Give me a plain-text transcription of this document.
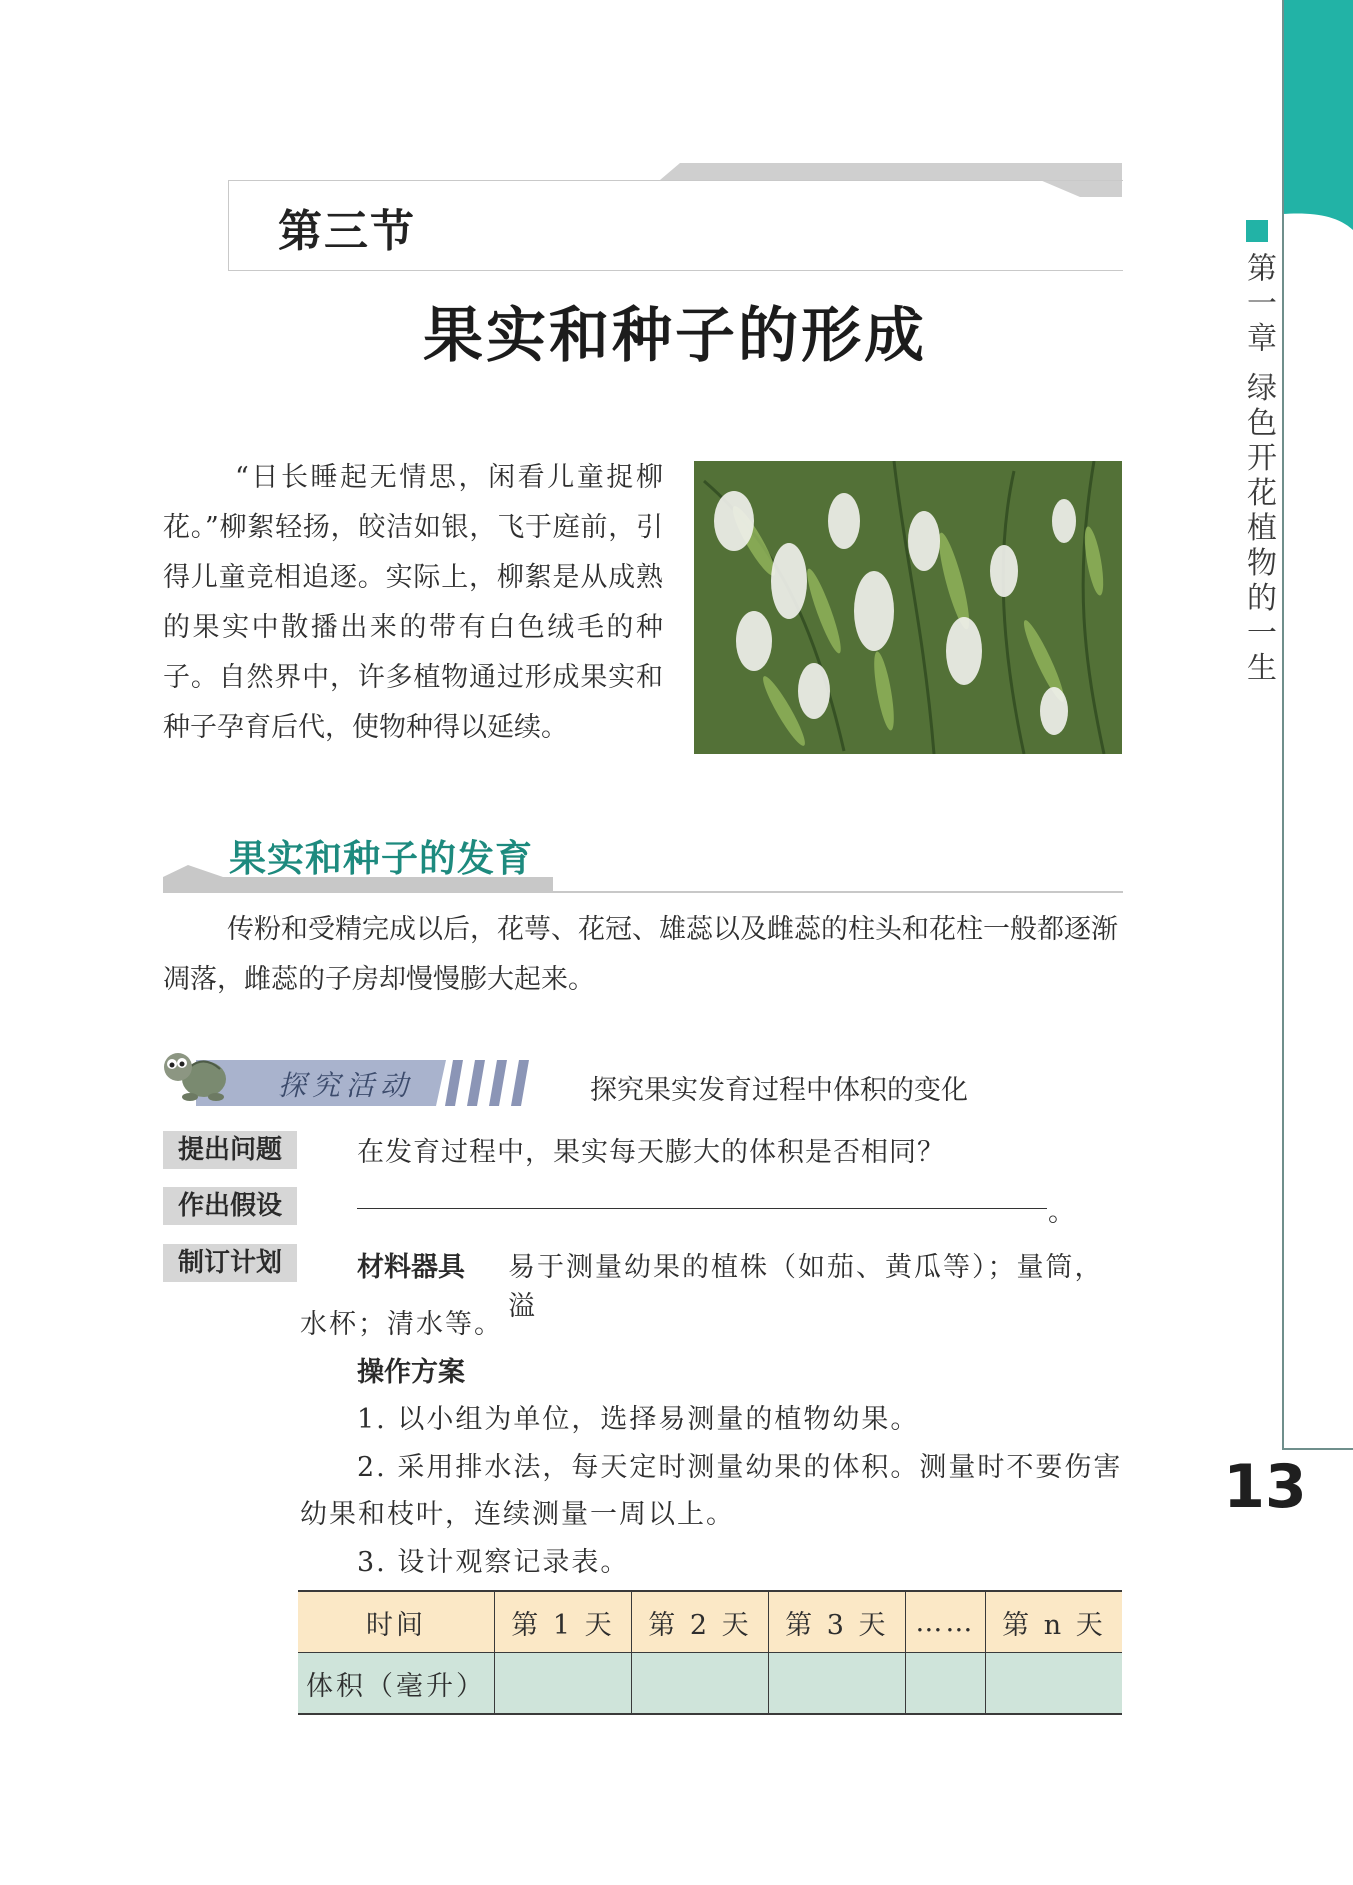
第一章 绿色开花植物的一生
13
第三节
果实和种子的形成
“日长睡起无情思，闲看儿童捉柳花。”柳絮轻扬，皎洁如银，飞于庭前，引得儿童竞相追逐。实际上，柳絮是从成熟的果实中散播出来的带有白色绒毛的种子。自然界中，许多植物通过形成果实和种子孕育后代，使物种得以延续。
果实和种子的发育
传粉和受精完成以后，花萼、花冠、雄蕊以及雌蕊的柱头和花柱一般都逐渐凋落，雌蕊的子房却慢慢膨大起来。
探究活动	探究果实发育过程中体积的变化
提出问题	在发育过程中，果实每天膨大的体积是否相同？
作出假设	。
制订计划	材料器具 易于测量幼果的植株（如茄、黄瓜等）；量筒，溢
水杯；清水等。
操作方案
1. 以小组为单位，选择易测量的植物幼果。
2. 采用排水法，每天定时测量幼果的体积。测量时不要伤害
幼果和枝叶，连续测量一周以上。
3. 设计观察记录表。
时间	第 1 天	第 2 天	第 3 天	……	第 n 天
体积（毫升）					
